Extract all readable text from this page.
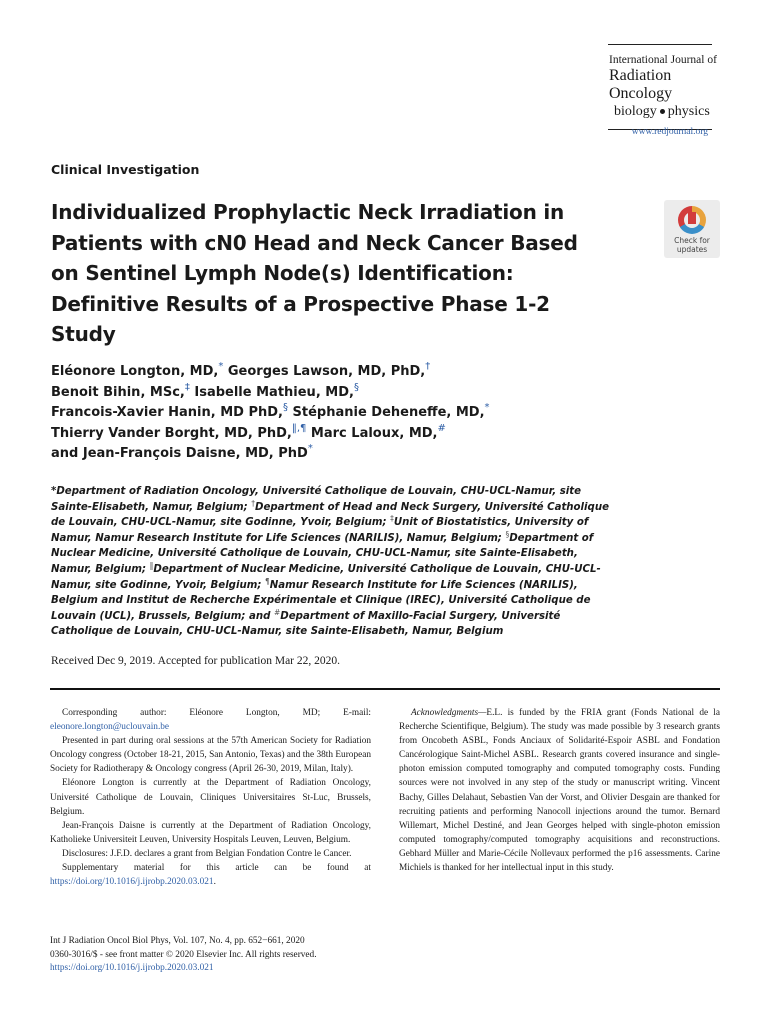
International Journal of
Radiation Oncology
biology physics
www.redjournal.org
Clinical Investigation
Individualized Prophylactic Neck Irradiation in
Patients with cN0 Head and Neck Cancer Based
on Sentinel Lymph Node(s) Identification:
Definitive Results of a Prospective Phase 1-2
Study
Check for
updates
Eléonore Longton, MD,* Georges Lawson, MD, PhD,†
Benoit Bihin, MSc,‡ Isabelle Mathieu, MD,§
Francois-Xavier Hanin, MD PhD,§ Stéphanie Deheneffe, MD,*
Thierry Vander Borght, MD, PhD,‖,¶ Marc Laloux, MD,#
and Jean-François Daisne, MD, PhD*
*Department of Radiation Oncology, Université Catholique de Louvain, CHU-UCL-Namur, site Sainte-Elisabeth, Namur, Belgium; †Department of Head and Neck Surgery, Université Catholique de Louvain, CHU-UCL-Namur, site Godinne, Yvoir, Belgium; ‡Unit of Biostatistics, University of Namur, Namur Research Institute for Life Sciences (NARILIS), Namur, Belgium; §Department of Nuclear Medicine, Université Catholique de Louvain, CHU-UCL-Namur, site Sainte-Elisabeth, Namur, Belgium; ‖Department of Nuclear Medicine, Université Catholique de Louvain, CHU-UCL-Namur, site Godinne, Yvoir, Belgium; ¶Namur Research Institute for Life Sciences (NARILIS), Belgium and Institut de Recherche Expérimentale et Clinique (IREC), Université Catholique de Louvain (UCL), Brussels, Belgium; and #Department of Maxillo-Facial Surgery, Université Catholique de Louvain, CHU-UCL-Namur, site Sainte-Elisabeth, Namur, Belgium
Received Dec 9, 2019. Accepted for publication Mar 22, 2020.

Corresponding author: Eléonore Longton, MD; E-mail: eleonore.longton@uclouvain.be

Presented in part during oral sessions at the 57th American Society for Radiation Oncology congress (October 18-21, 2015, San Antonio, Texas) and the 38th European Society for Radiotherapy & Oncology congress (April 26-30, 2019, Milan, Italy).

Eléonore Longton is currently at the Department of Radiation Oncology, Université Catholique de Louvain, Cliniques Universitaires St-Luc, Brussels, Belgium.

Jean-François Daisne is currently at the Department of Radiation Oncology, Katholieke Universiteit Leuven, University Hospitals Leuven, Leuven, Belgium.

Disclosures: J.F.D. declares a grant from Belgian Fondation Contre le Cancer.

Supplementary material for this article can be found at https://doi.org/10.1016/j.ijrobp.2020.03.021.

Acknowledgments—E.L. is funded by the FRIA grant (Fonds National de la Recherche Scientifique, Belgium). The study was made possible by 3 research grants from Oncobeth ASBL, Fonds Anciaux of Solidarité-Espoir ASBL and Fondation Cancérologique Saint-Michel ASBL. Research grants covered insurance and single-photon emission computed tomography and computed tomography costs. Funding sources were not involved in any step of the study or manuscript writing. Vincent Bachy, Gilles Delahaut, Sebastien Van der Vorst, and Olivier Desgain are thanked for recruiting patients and performing Nanocoll injections around the tumor. Bernard Willemart, Michel Destiné, and Jean Georges helped with single-photon emission computed tomography/computed tomography acquisitions and reconstructions. Gebhard Müller and Marie-Cécile Nollevaux performed the p16 assessments. Carine Michiels is thanked for her intellectual input in this study.

Int J Radiation Oncol Biol Phys, Vol. 107, No. 4, pp. 652−661, 2020
0360-3016/$ - see front matter © 2020 Elsevier Inc. All rights reserved.
https://doi.org/10.1016/j.ijrobp.2020.03.021
